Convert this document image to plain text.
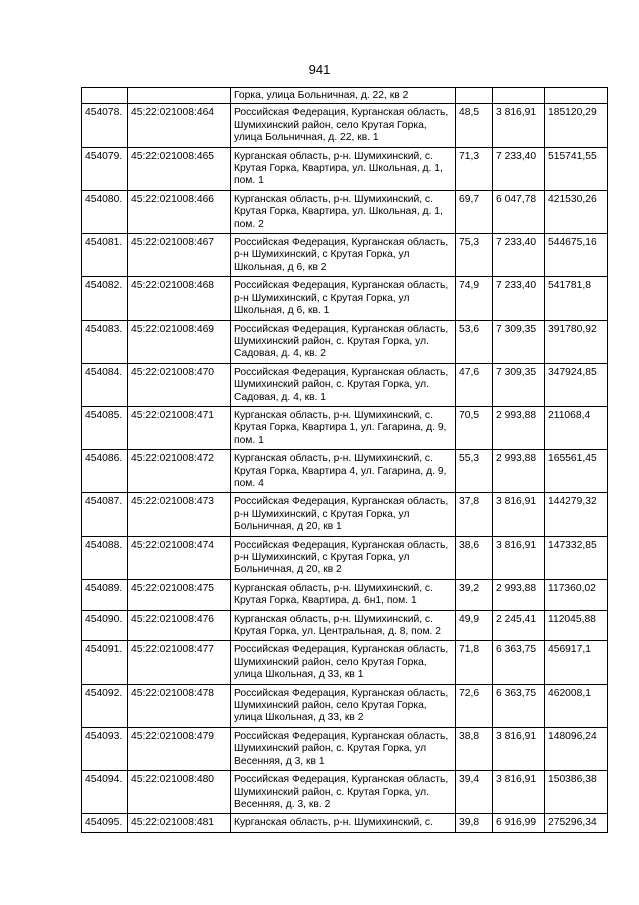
941
		Горка, улица Больничная, д. 22, кв 2			
454078.	45:22:021008:464	Российская Федерация, Курганская область, Шумихинский район, село Крутая Горка, улица Больничная, д. 22, кв. 1	48,5	3 816,91	185120,29
454079.	45:22:021008:465	Курганская область, р-н. Шумихинский, с. Крутая Горка, Квартира, ул. Школьная, д. 1, пом. 1	71,3	7 233,40	515741,55
454080.	45:22:021008:466	Курганская область, р-н. Шумихинский, с. Крутая Горка, Квартира, ул. Школьная, д. 1, пом. 2	69,7	6 047,78	421530,26
454081.	45:22:021008:467	Российская Федерация, Курганская область, р-н Шумихинский, с Крутая Горка, ул Школьная, д 6, кв 2	75,3	7 233,40	544675,16
454082.	45:22:021008:468	Российская Федерация, Курганская область, р-н Шумихинский, с Крутая Горка, ул Школьная, д 6, кв. 1	74,9	7 233,40	541781,8
454083.	45:22:021008:469	Российская Федерация, Курганская область, Шумихинский район, с. Крутая Горка, ул. Садовая, д. 4, кв. 2	53,6	7 309,35	391780,92
454084.	45:22:021008:470	Российская Федерация, Курганская область, Шумихинский район, с. Крутая Горка, ул. Садовая, д. 4, кв. 1	47,6	7 309,35	347924,85
454085.	45:22:021008:471	Курганская область, р-н. Шумихинский, с. Крутая Горка, Квартира 1, ул. Гагарина, д. 9, пом. 1	70,5	2 993,88	211068,4
454086.	45:22:021008:472	Курганская область, р-н. Шумихинский, с. Крутая Горка, Квартира 4, ул. Гагарина, д. 9, пом. 4	55,3	2 993,88	165561,45
454087.	45:22:021008:473	Российская Федерация, Курганская область, р-н Шумихинский, с Крутая Горка, ул Больничная, д 20, кв 1	37,8	3 816,91	144279,32
454088.	45:22:021008:474	Российская Федерация, Курганская область, р-н Шумихинский, с Крутая Горка, ул Больничная, д 20, кв 2	38,6	3 816,91	147332,85
454089.	45:22:021008:475	Курганская область, р-н. Шумихинский, с. Крутая Горка, Квартира, д. 6н1, пом. 1	39,2	2 993,88	117360,02
454090.	45:22:021008:476	Курганская область, р-н. Шумихинский, с. Крутая Горка, ул. Центральная, д. 8, пом. 2	49,9	2 245,41	112045,88
454091.	45:22:021008:477	Российская Федерация, Курганская область, Шумихинский район, село Крутая Горка, улица Школьная, д 33, кв 1	71,8	6 363,75	456917,1
454092.	45:22:021008:478	Российская Федерация, Курганская область, Шумихинский район, село Крутая Горка, улица Школьная, д 33, кв 2	72,6	6 363,75	462008,1
454093.	45:22:021008:479	Российская Федерация, Курганская область, Шумихинский район, с. Крутая Горка, ул Весенняя, д 3, кв 1	38,8	3 816,91	148096,24
454094.	45:22:021008:480	Российская Федерация, Курганская область, Шумихинский район, с. Крутая Горка, ул. Весенняя, д. 3, кв. 2	39,4	3 816,91	150386,38
454095.	45:22:021008:481	Курганская область, р-н. Шумихинский, с.	39,8	6 916,99	275296,34
